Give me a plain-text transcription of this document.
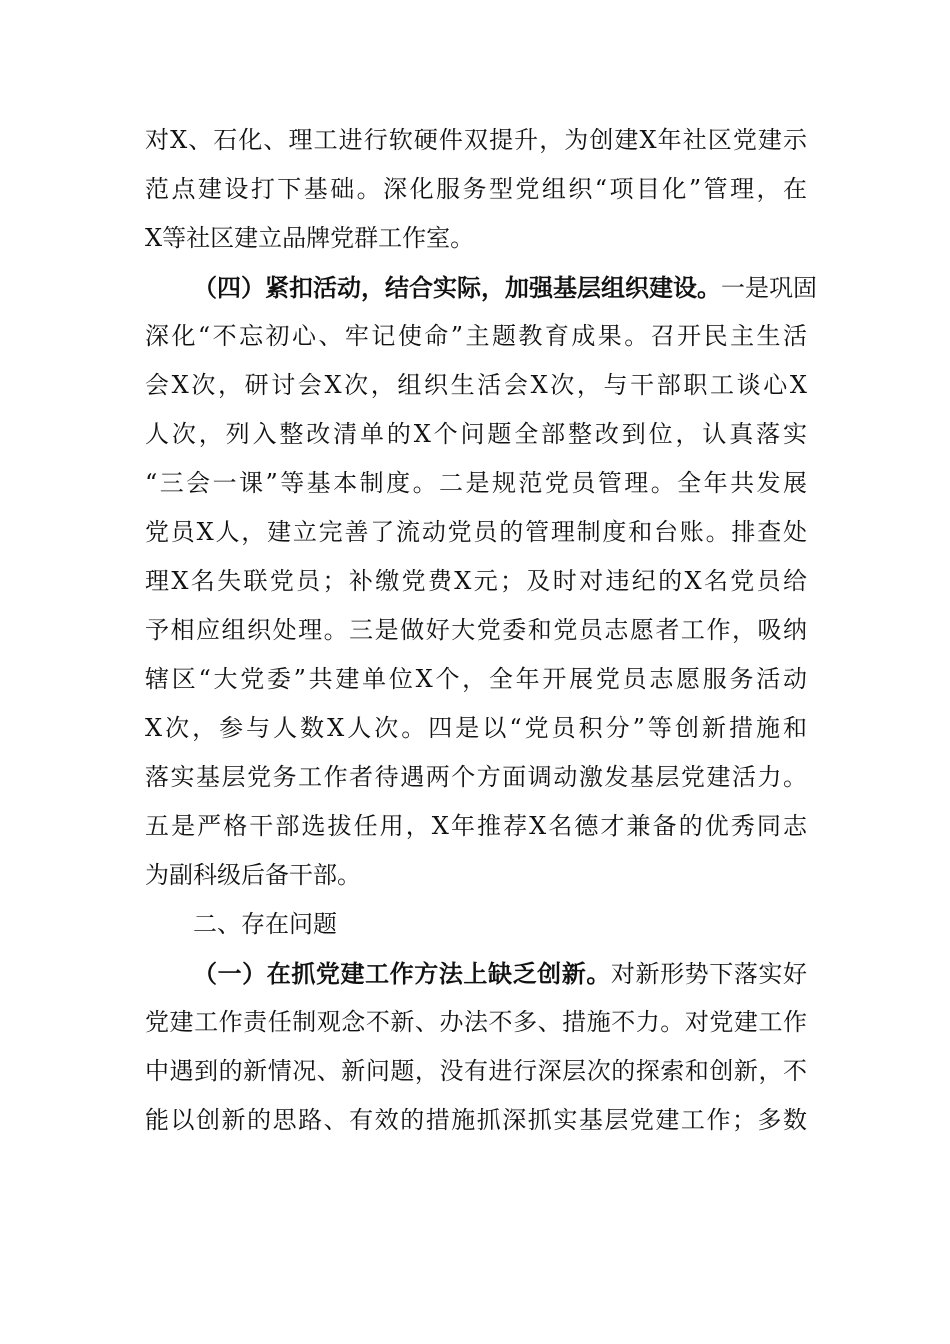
对X、石化、理工进行软硬件双提升，为创建X年社区党建示
范点建设打下基础。深化服务型党组织“项目化”管理，在
X等社区建立品牌党群工作室。
（四）紧扣活动，结合实际，加强基层组织建设。一是巩固
深化“不忘初心、牢记使命”主题教育成果。召开民主生活
会X次，研讨会X次，组织生活会X次，与干部职工谈心X
人次，列入整改清单的X个问题全部整改到位，认真落实
“三会一课”等基本制度。二是规范党员管理。全年共发展
党员X人，建立完善了流动党员的管理制度和台账。排查处
理X名失联党员；补缴党费X元；及时对违纪的X名党员给
予相应组织处理。三是做好大党委和党员志愿者工作，吸纳
辖区“大党委”共建单位X个，全年开展党员志愿服务活动
X次，参与人数X人次。四是以“党员积分”等创新措施和
落实基层党务工作者待遇两个方面调动激发基层党建活力。
五是严格干部选拔任用，X年推荐X名德才兼备的优秀同志
为副科级后备干部。
二、存在问题
（一）在抓党建工作方法上缺乏创新。对新形势下落实好
党建工作责任制观念不新、办法不多、措施不力。对党建工作
中遇到的新情况、新问题，没有进行深层次的探索和创新，不
能以创新的思路、有效的措施抓深抓实基层党建工作；多数
